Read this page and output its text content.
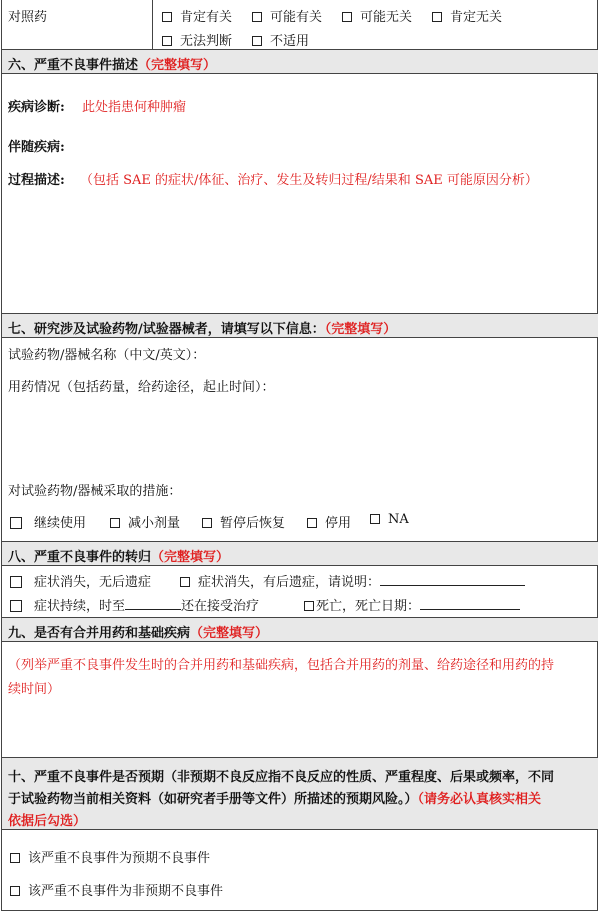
对照药	肯定有关	可能有关	可能无关	肯定无关
无法判断	不适用
六、严重不良事件描述（完整填写）
疾病诊断: 此处指患何种肿瘤
伴随疾病:
过程描述: （包括 SAE 的症状/体征、治疗、发生及转归过程/结果和 SAE 可能原因分析）
七、研究涉及试验药物/试验器械者，请填写以下信息：（完整填写）
试验药物/器械名称（中文/英文）：
用药情况（包括药量，给药途径，起止时间）：
对试验药物/器械采取的措施：
继续使用	减小剂量	暂停后恢复	停用	NA
八、严重不良事件的转归（完整填写）
症状消失，无后遗症	症状消失，有后遗症，请说明：
症状持续，时至	还在接受治疗	死亡，死亡日期：
九、是否有合并用药和基础疾病（完整填写）
（列举严重不良事件发生时的合并用药和基础疾病，包括合并用药的剂量、给药途径和用药的持
续时间）
十、严重不良事件是否预期（非预期不良反应指不良反应的性质、严重程度、后果或频率，不同
于试验药物当前相关资料（如研究者手册等文件）所描述的预期风险。）（请务必认真核实相关
依据后勾选）
该严重不良事件为预期不良事件
该严重不良事件为非预期不良事件
